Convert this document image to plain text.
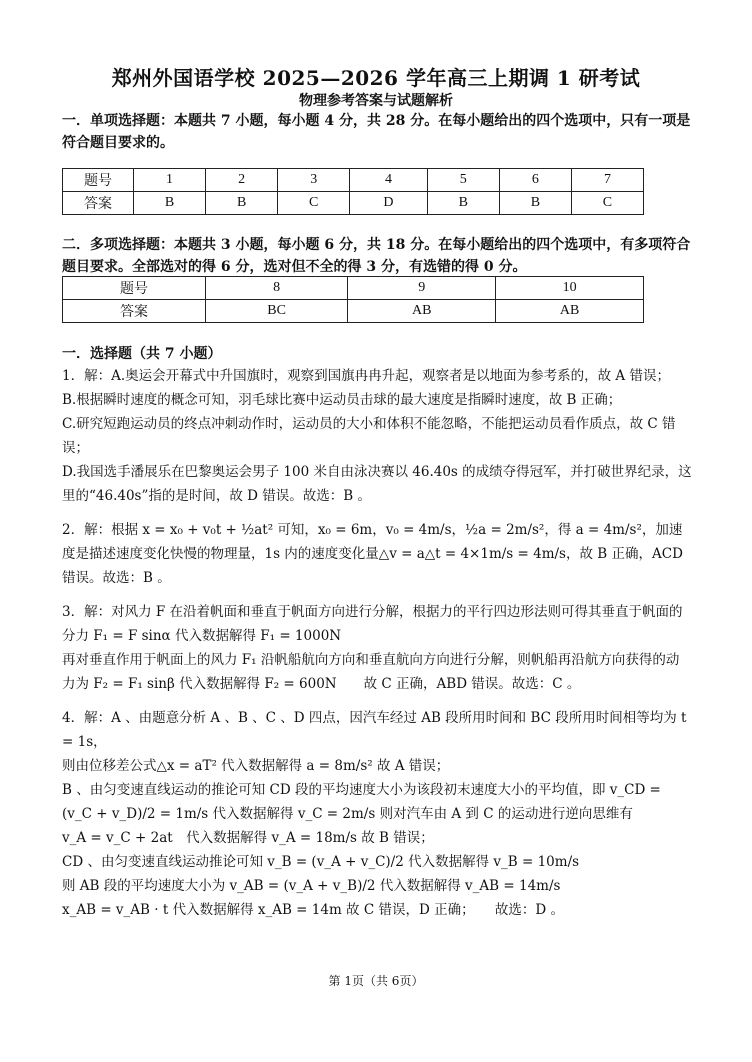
郑州外国语学校 2025—2026 学年高三上期调 1 研考试
物理参考答案与试题解析
一．单项选择题：本题共 7 小题，每小题 4 分，共 28 分。在每小题给出的四个选项中，只有一项是符合题目要求的。
题号	1	2	3	4	5	6	7
答案	B	B	C	D	B	B	C
二．多项选择题：本题共 3 小题，每小题 6 分，共 18 分。在每小题给出的四个选项中，有多项符合题目要求。全部选对的得 6 分，选对但不全的得 3 分，有选错的得 0 分。
题号	8	9	10
答案	BC	AB	AB
一．选择题（共 7 小题）

1．解：A.奥运会开幕式中升国旗时，观察到国旗冉冉升起，观察者是以地面为参考系的，故 A 错误；

B.根据瞬时速度的概念可知，羽毛球比赛中运动员击球的最大速度是指瞬时速度，故 B 正确；

C.研究短跑运动员的终点冲刺动作时，运动员的大小和体积不能忽略，不能把运动员看作质点，故 C 错误；

D.我国选手潘展乐在巴黎奥运会男子 100 米自由泳决赛以 46.40s 的成绩夺得冠军，并打破世界纪录，这里的“46.40s”指的是时间，故 D 错误。故选：B 。

2．解：根据 x = x₀ + v₀t + ½at² 可知，x₀ = 6m，v₀ = 4m/s，½a = 2m/s²，得 a = 4m/s²，加速度是描述速度变化快慢的物理量，1s 内的速度变化量△v = a△t = 4×1m/s = 4m/s，故 B 正确，ACD 错误。故选：B 。

3．解：对风力 F 在沿着帆面和垂直于帆面方向进行分解，根据力的平行四边形法则可得其垂直于帆面的分力 F₁ = F sinα 代入数据解得 F₁ = 1000N

再对垂直作用于帆面上的风力 F₁ 沿帆船航向方向和垂直航向方向进行分解，则帆船再沿航方向获得的动力为 F₂ = F₁ sinβ 代入数据解得 F₂ = 600N　　故 C 正确，ABD 错误。故选：C 。

4．解：A 、由题意分析 A 、B 、C 、D 四点，因汽车经过 AB 段所用时间和 BC 段所用时间相等均为 t = 1s，

则由位移差公式△x = aT² 代入数据解得 a = 8m/s² 故 A 错误；

B 、由匀变速直线运动的推论可知 CD 段的平均速度大小为该段初末速度大小的平均值，即 v_CD = (v_C + v_D)/2 = 1m/s 代入数据解得 v_C = 2m/s 则对汽车由 A 到 C 的运动进行逆向思维有

v_A = v_C + 2at　代入数据解得 v_A = 18m/s 故 B 错误；

CD 、由匀变速直线运动推论可知 v_B = (v_A + v_C)/2 代入数据解得 v_B = 10m/s

则 AB 段的平均速度大小为 v_AB = (v_A + v_B)/2 代入数据解得 v_AB = 14m/s

x_AB = v_AB · t 代入数据解得 x_AB = 14m 故 C 错误，D 正确；　　故选：D 。

第 1页（共 6页）
